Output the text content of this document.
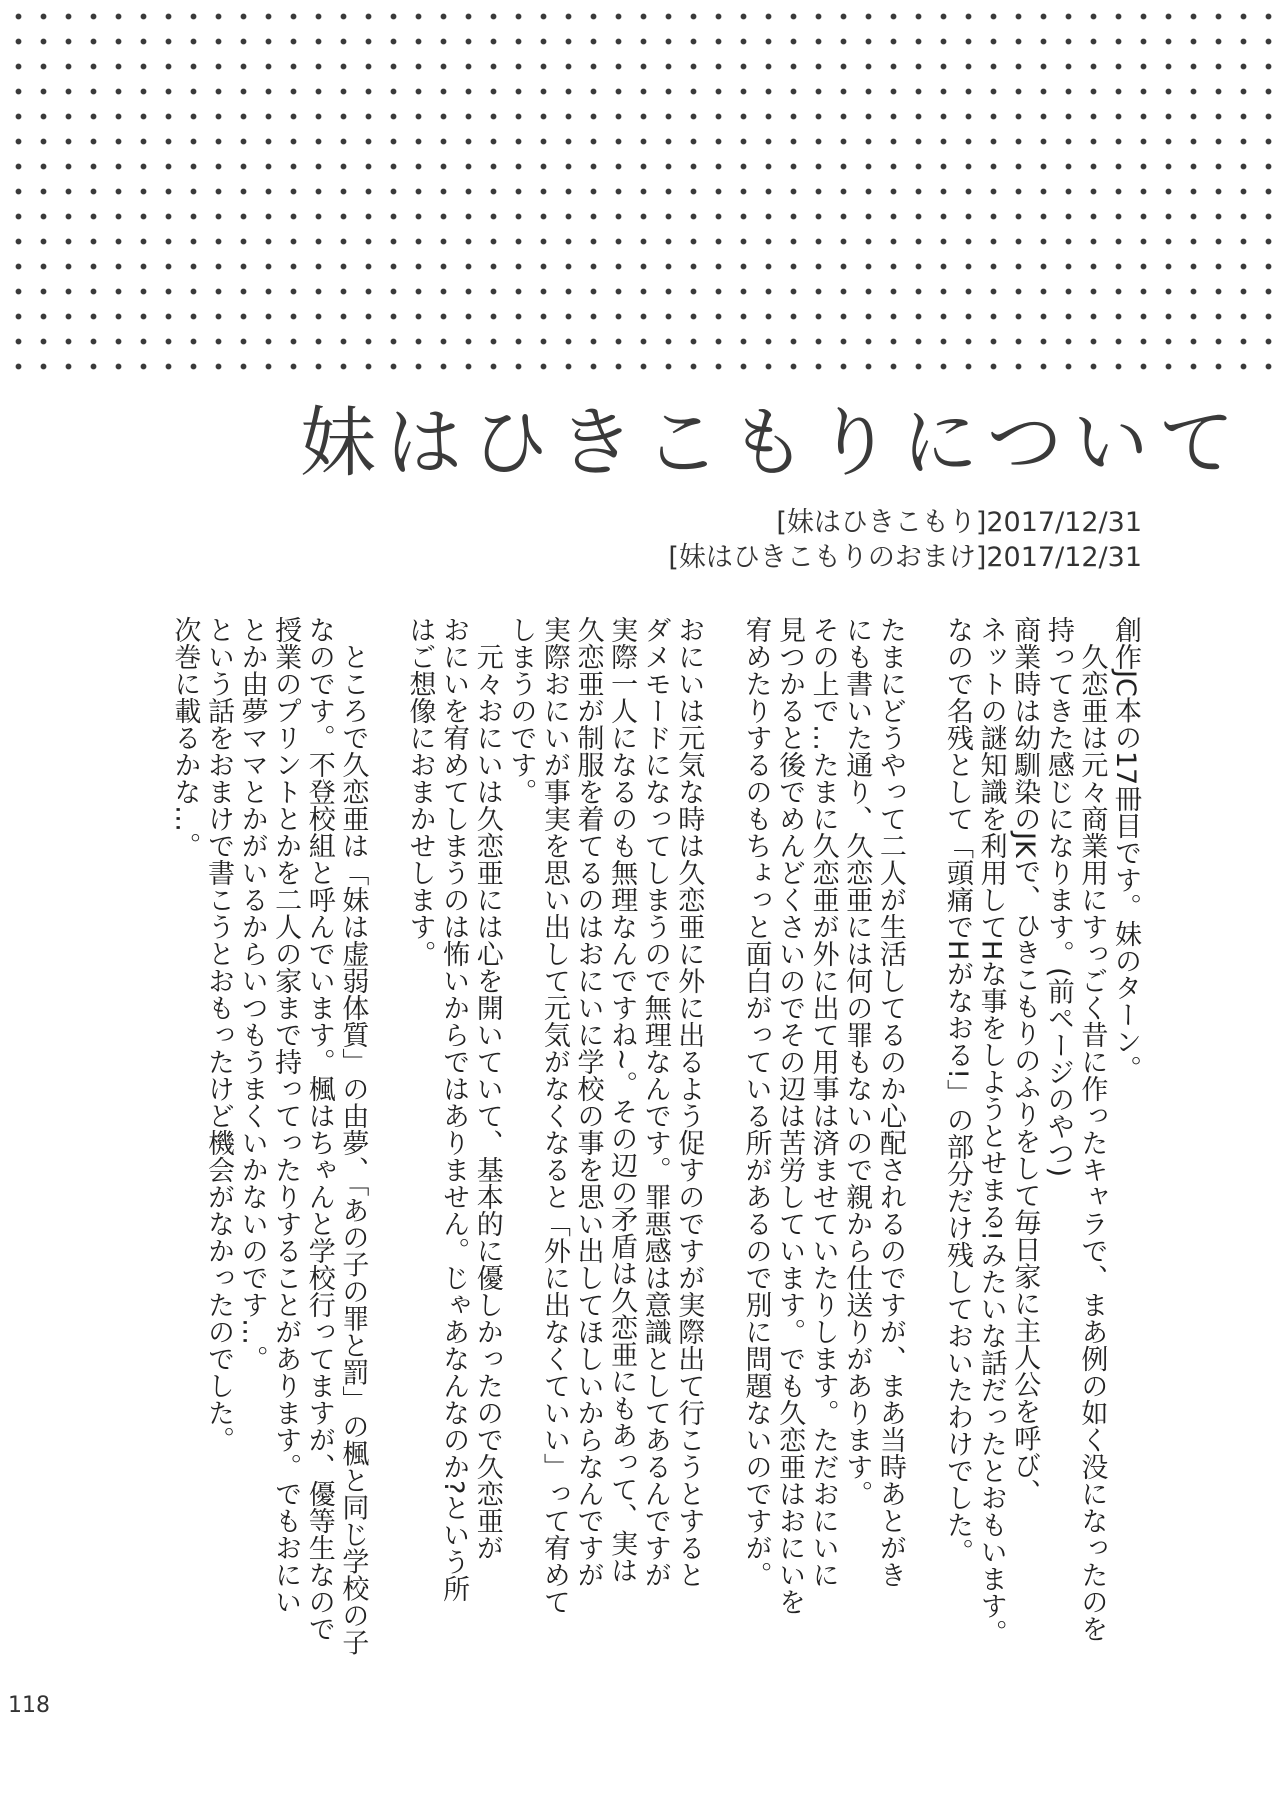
妹はひきこもりについて
[妹はひきこもり]2017/12/31
[妹はひきこもりのおまけ]2017/12/31
創作JC本の17冊目です。妹のターン。
久恋亜は元々商業用にすっごく昔に作ったキャラで、まあ例の如く没になったのを
持ってきた感じになります。(前ページのやつ)
商業時は幼馴染のJKで、ひきこもりのふりをして毎日家に主人公を呼び、
ネットの謎知識を利用してHな事をしようとせまる!みたいな話だったとおもいます。
なので名残として「頭痛でHがなおる!」の部分だけ残しておいたわけでした。
たまにどうやって二人が生活してるのか心配されるのですが、まあ当時あとがき
にも書いた通り、久恋亜には何の罪もないので親から仕送りがあります。
その上で…たまに久恋亜が外に出て用事は済ませていたりします。ただおにいに
見つかると後でめんどくさいのでその辺は苦労しています。でも久恋亜はおにいを
宥めたりするのもちょっと面白がっている所があるので別に問題ないのですが。
おにいは元気な時は久恋亜に外に出るよう促すのですが実際出て行こうとすると
ダメモードになってしまうので無理なんです。罪悪感は意識としてあるんですが
実際一人になるのも無理なんですね~。その辺の矛盾は久恋亜にもあって、実は
久恋亜が制服を着てるのはおにいに学校の事を思い出してほしいからなんですが
実際おにいが事実を思い出して元気がなくなると「外に出なくていい」って宥めて
しまうのです。
元々おにいは久恋亜には心を開いていて、基本的に優しかったので久恋亜が
おにいを宥めてしまうのは怖いからではありません。じゃあなんなのか?という所
はご想像におまかせします。
ところで久恋亜は「妹は虚弱体質」の由夢、「あの子の罪と罰」の楓と同じ学校の子
なのです。不登校組と呼んでいます。楓はちゃんと学校行ってますが、優等生なので
授業のプリントとかを二人の家まで持ってったりすることがあります。でもおにい
とか由夢ママとかがいるからいつもうまくいかないのです…。
という話をおまけで書こうとおもったけど機会がなかったのでした。
次巻に載るかな…。
118
